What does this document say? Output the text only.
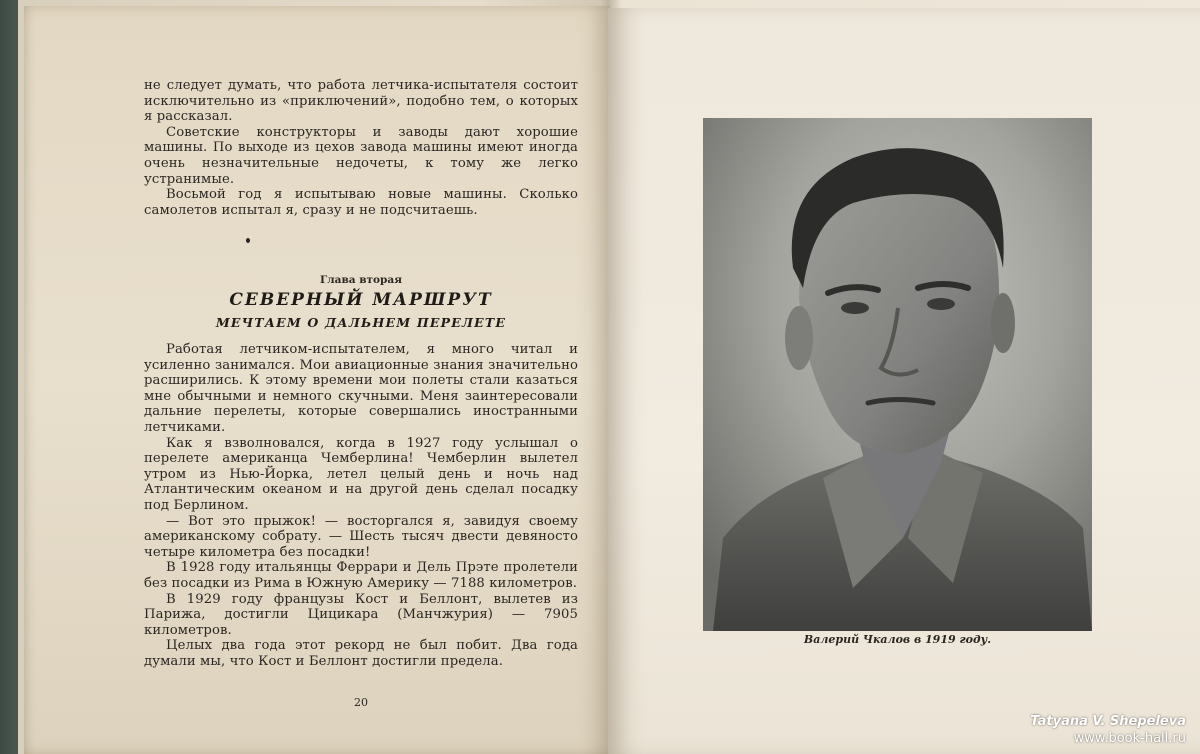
не следует думать, что работа летчика-испытателя состоит исключительно из «приключений», подобно тем, о которых я рассказал.

Советские конструкторы и заводы дают хорошие машины. По выходе из цехов завода машины имеют иногда очень незначительные недочеты, к тому же легко устранимые.

Восьмой год я испытываю новые машины. Сколько самолетов испытал я, сразу и не подсчитаешь.

Глава вторая
СЕВЕРНЫЙ МАРШРУТ
МЕЧТАЕМ О ДАЛЬНЕМ ПЕРЕЛЕТЕ

Работая летчиком-испытателем, я много читал и усиленно занимался. Мои авиационные знания значительно расширились. К этому времени мои полеты стали казаться мне обычными и немного скучными. Меня заинтересовали дальние перелеты, которые совершались иностранными летчиками.

Как я взволновался, когда в 1927 году услышал о перелете американца Чемберлина! Чемберлин вылетел утром из Нью-Йорка, летел целый день и ночь над Атлантическим океаном и на другой день сделал посадку под Берлином.

— Вот это прыжок! — восторгался я, завидуя своему американскому собрату. — Шесть тысяч двести девяносто четыре километра без посадки!

В 1928 году итальянцы Феррари и Дель Прэте пролетели без посадки из Рима в Южную Америку — 7188 километров.

В 1929 году французы Кост и Беллонт, вылетев из Парижа, достигли Цицикара (Манчжурия) — 7905 километров.

Целых два года этот рекорд не был побит. Два года думали мы, что Кост и Беллонт достигли предела.

20
Валерий Чкалов в 1919 году.
Tatyana V. Shepeleva
www.book-hall.ru
